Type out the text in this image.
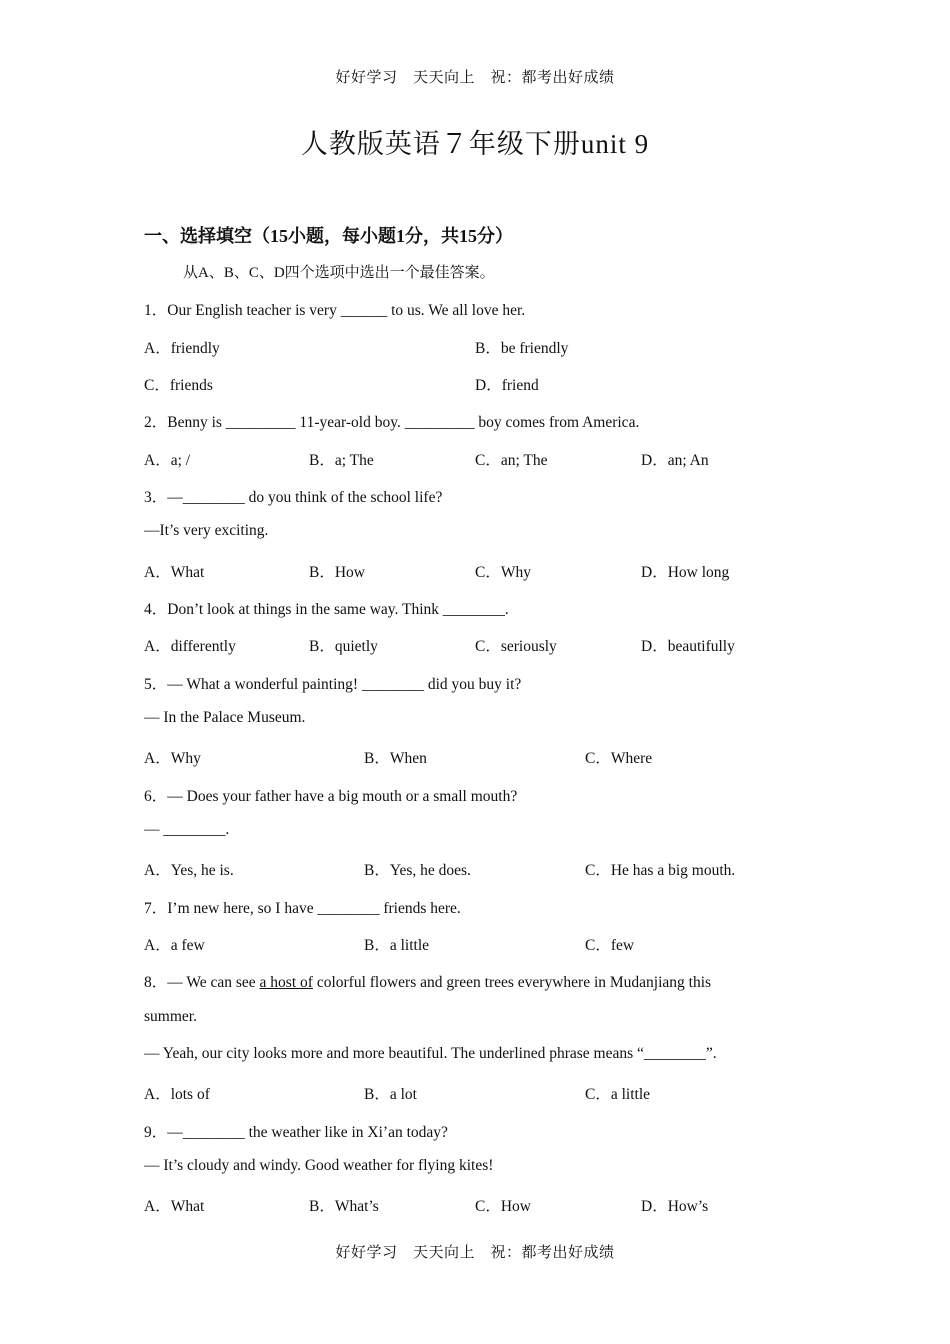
好好学习　天天向上　祝：都考出好成绩
人教版英语７年级下册unit 9
一、选择填空（15小题，每小题1分，共15分）
从A、B、C、D四个选项中选出一个最佳答案。
1．Our English teacher is very ______ to us. We all love her.
A．friendly	B．be friendly
C．friends	D．friend
2．Benny is _________ 11-year-old boy. _________ boy comes from America.
A．a; /	B．a; The	C．an; The	D．an; An
3．—________ do you think of the school life?
—It’s very exciting.
A．What	B．How	C．Why	D．How long
4．Don’t look at things in the same way. Think ________.
A．differently	B．quietly	C．seriously	D．beautifully
5．— What a wonderful painting! ________ did you buy it?
— In the Palace Museum.
A．Why	B．When	C．Where
6．— Does your father have a big mouth or a small mouth?
— ________.
A．Yes, he is.	B．Yes, he does.	C．He has a big mouth.
7．I’m new here, so I have ________ friends here.
A．a few	B．a little	C．few
8．— We can see a host of colorful flowers and green trees everywhere in Mudanjiang this
summer.
— Yeah, our city looks more and more beautiful. The underlined phrase means “________”.
A．lots of	B．a lot	C．a little
9．—________ the weather like in Xi’an today?
— It’s cloudy and windy. Good weather for flying kites!
A．What	B．What’s	C．How	D．How’s
好好学习　天天向上　祝：都考出好成绩
